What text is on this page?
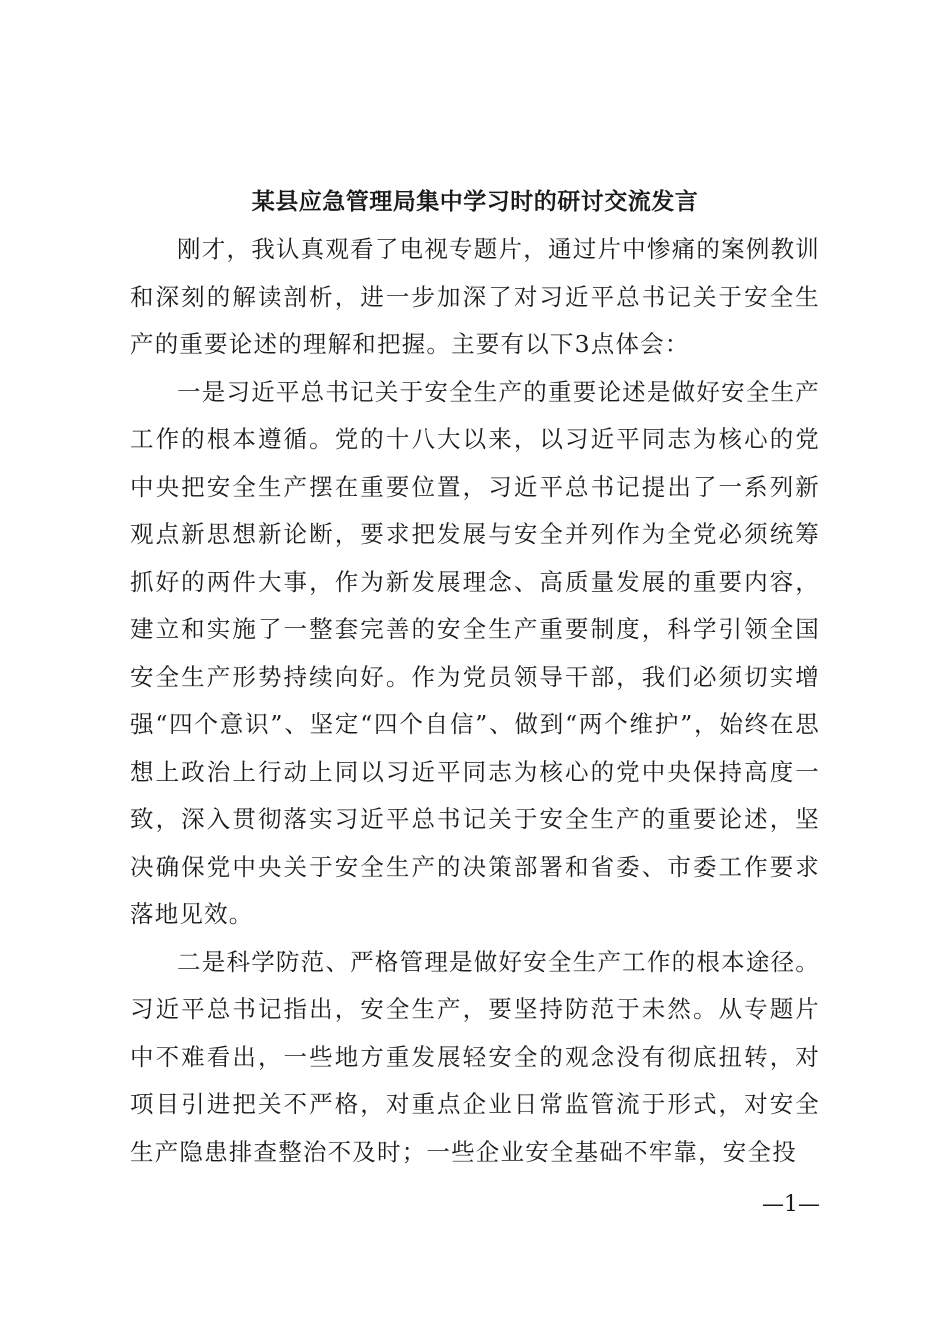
某县应急管理局集中学习时的研讨交流发言

刚才，我认真观看了电视专题片，通过片中惨痛的案例教训和深刻的解读剖析，进一步加深了对习近平总书记关于安全生产的重要论述的理解和把握。主要有以下3点体会：

一是习近平总书记关于安全生产的重要论述是做好安全生产工作的根本遵循。党的十八大以来，以习近平同志为核心的党中央把安全生产摆在重要位置，习近平总书记提出了一系列新观点新思想新论断，要求把发展与安全并列作为全党必须统筹抓好的两件大事，作为新发展理念、高质量发展的重要内容，建立和实施了一整套完善的安全生产重要制度，科学引领全国安全生产形势持续向好。作为党员领导干部，我们必须切实增强“四个意识”、坚定“四个自信”、做到“两个维护”，始终在思想上政治上行动上同以习近平同志为核心的党中央保持高度一致，深入贯彻落实习近平总书记关于安全生产的重要论述，坚决确保党中央关于安全生产的决策部署和省委、市委工作要求落地见效。

二是科学防范、严格管理是做好安全生产工作的根本途径。习近平总书记指出，安全生产，要坚持防范于未然。从专题片中不难看出，一些地方重发展轻安全的观念没有彻底扭转，对项目引进把关不严格，对重点企业日常监管流于形式，对安全生产隐患排查整治不及时；一些企业安全基础不牢靠，安全投

—1—
